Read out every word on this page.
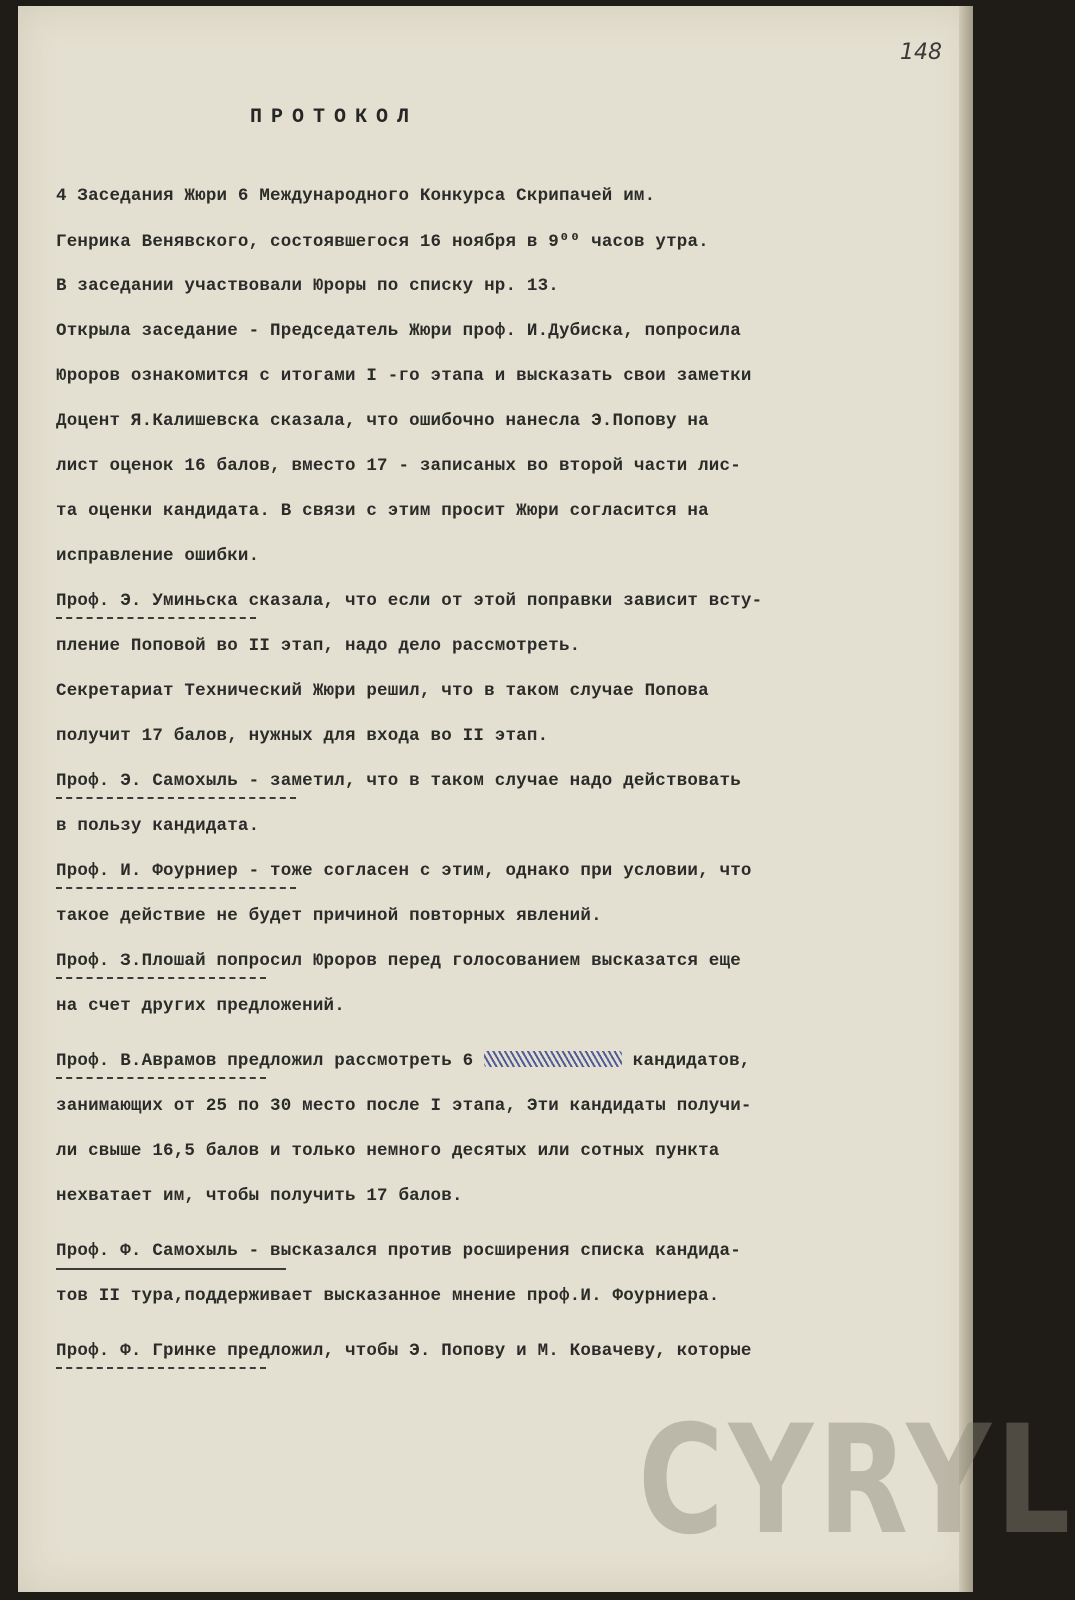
148
ПРОТОКОЛ
4 Заседания Жюри 6 Международного Конкурса Скрипачей им.
Генрика Венявского, состоявшегося 16 ноября в 9⁰⁰ часов утра.
В заседании участвовали Юроры по списку нр. 13.
Открыла заседание - Председатель Жюри проф. И.Дубиска, попросила
Юроров ознакомится с итогами I -го этапа и высказать свои заметки
Доцент Я.Калишевска сказала, что ошибочно нанесла Э.Попову на
лист оценок 16 балов, вместо 17 - записаных во второй части лис-
та оценки кандидата. В связи с этим просит Жюри согласится на
исправление ошибки.
Проф. Э. Уминьска сказала, что если от этой поправки зависит всту-
пление Поповой во II этап, надо дело рассмотреть.
Секретариат Технический Жюри решил, что в таком случае Попова
получит 17 балов, нужных для входа во II этап.
Проф. Э. Самохыль - заметил, что в таком случае надо действовать
в пользу кандидата.
Проф. И. Фоурниер - тоже согласен с этим, однако при условии, что
такое действие не будет причиной повторных явлений.
Проф. З.Плошай попросил Юроров перед голосованием высказатся еще
на счет других предложений.
Проф. В.Аврамов предложил рассмотреть 6	кандидатов,
занимающих от 25 по 30 место после I этапа, Эти кандидаты получи-
ли свыше 16,5 балов и только немного десятых или сотных пункта
нехватает им, чтобы получить 17 балов.
Проф. Ф. Самохыль - высказался против росширения списка кандида-
тов II тура,поддерживает высказанное мнение проф.И. Фоурниера.
Проф. Ф. Гринке предложил, чтобы Э. Попову и М. Ковачеву, которые
CYRYL
